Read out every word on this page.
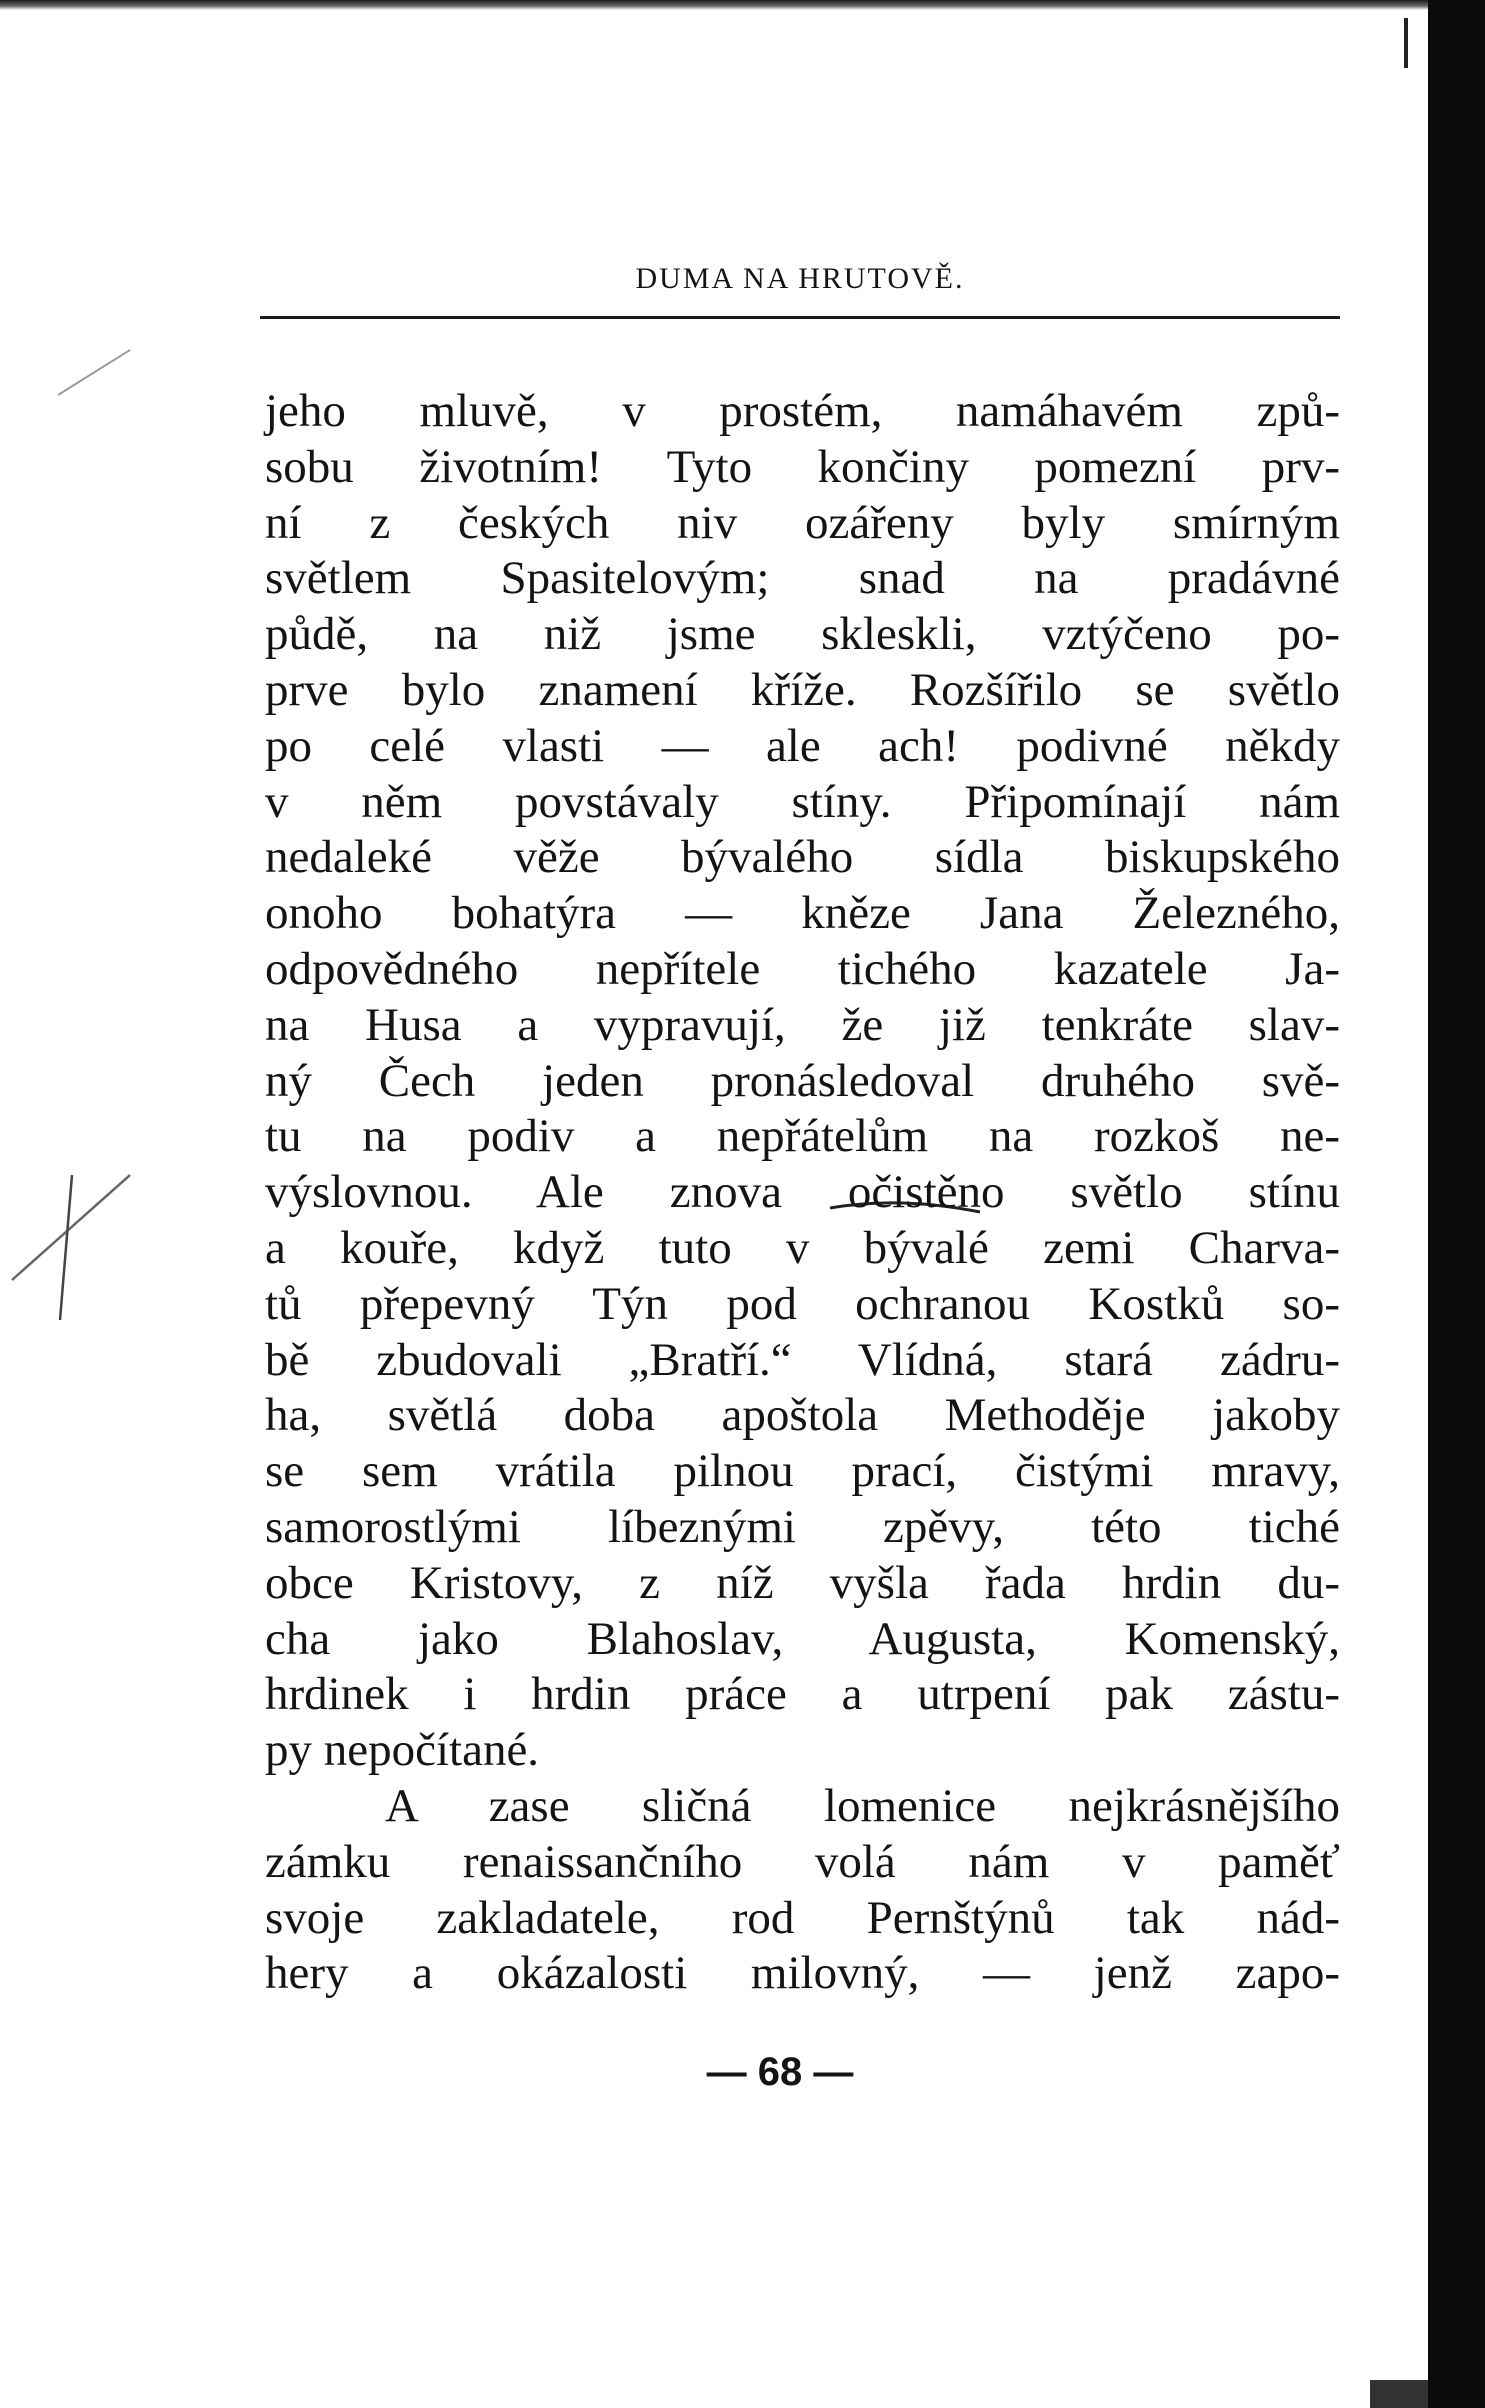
DUMA NA HRUTOVĚ.
jeho mluvě, v prostém, namáhavém způ-
sobu životním! Tyto končiny pomezní prv-
ní z českých niv ozářeny byly smírným
světlem Spasitelovým; snad na pradávné
půdě, na niž jsme skleskli, vztýčeno po-
prve bylo znamení kříže. Rozšířilo se světlo
po celé vlasti — ale ach! podivné někdy
v něm povstávaly stíny. Připomínají nám
nedaleké věže bývalého sídla biskupského
onoho bohatýra — kněze Jana Železného,
odpovědného nepřítele tichého kazatele Ja-
na Husa a vypravují, že již tenkráte slav-
ný Čech jeden pronásledoval druhého svě-
tu na podiv a nepřátelům na rozkoš ne-
výslovnou. Ale znova očistěno světlo stínu
a kouře, když tuto v bývalé zemi Charva-
tů přepevný Týn pod ochranou Kostků so-
bě zbudovali „Bratří.“ Vlídná, stará zádru-
ha, světlá doba apoštola Methoděje jakoby
se sem vrátila pilnou prací, čistými mravy,
samorostlými líbeznými zpěvy, této tiché
obce Kristovy, z níž vyšla řada hrdin du-
cha jako Blahoslav, Augusta, Komenský,
hrdinek i hrdin práce a utrpení pak zástu-
py nepočítané.
A zase sličná lomenice nejkrásnějšího
zámku renaissančního volá nám v paměť
svoje zakladatele, rod Pernštýnů tak nád-
hery a okázalosti milovný, — jenž zapo-
— 68 —
